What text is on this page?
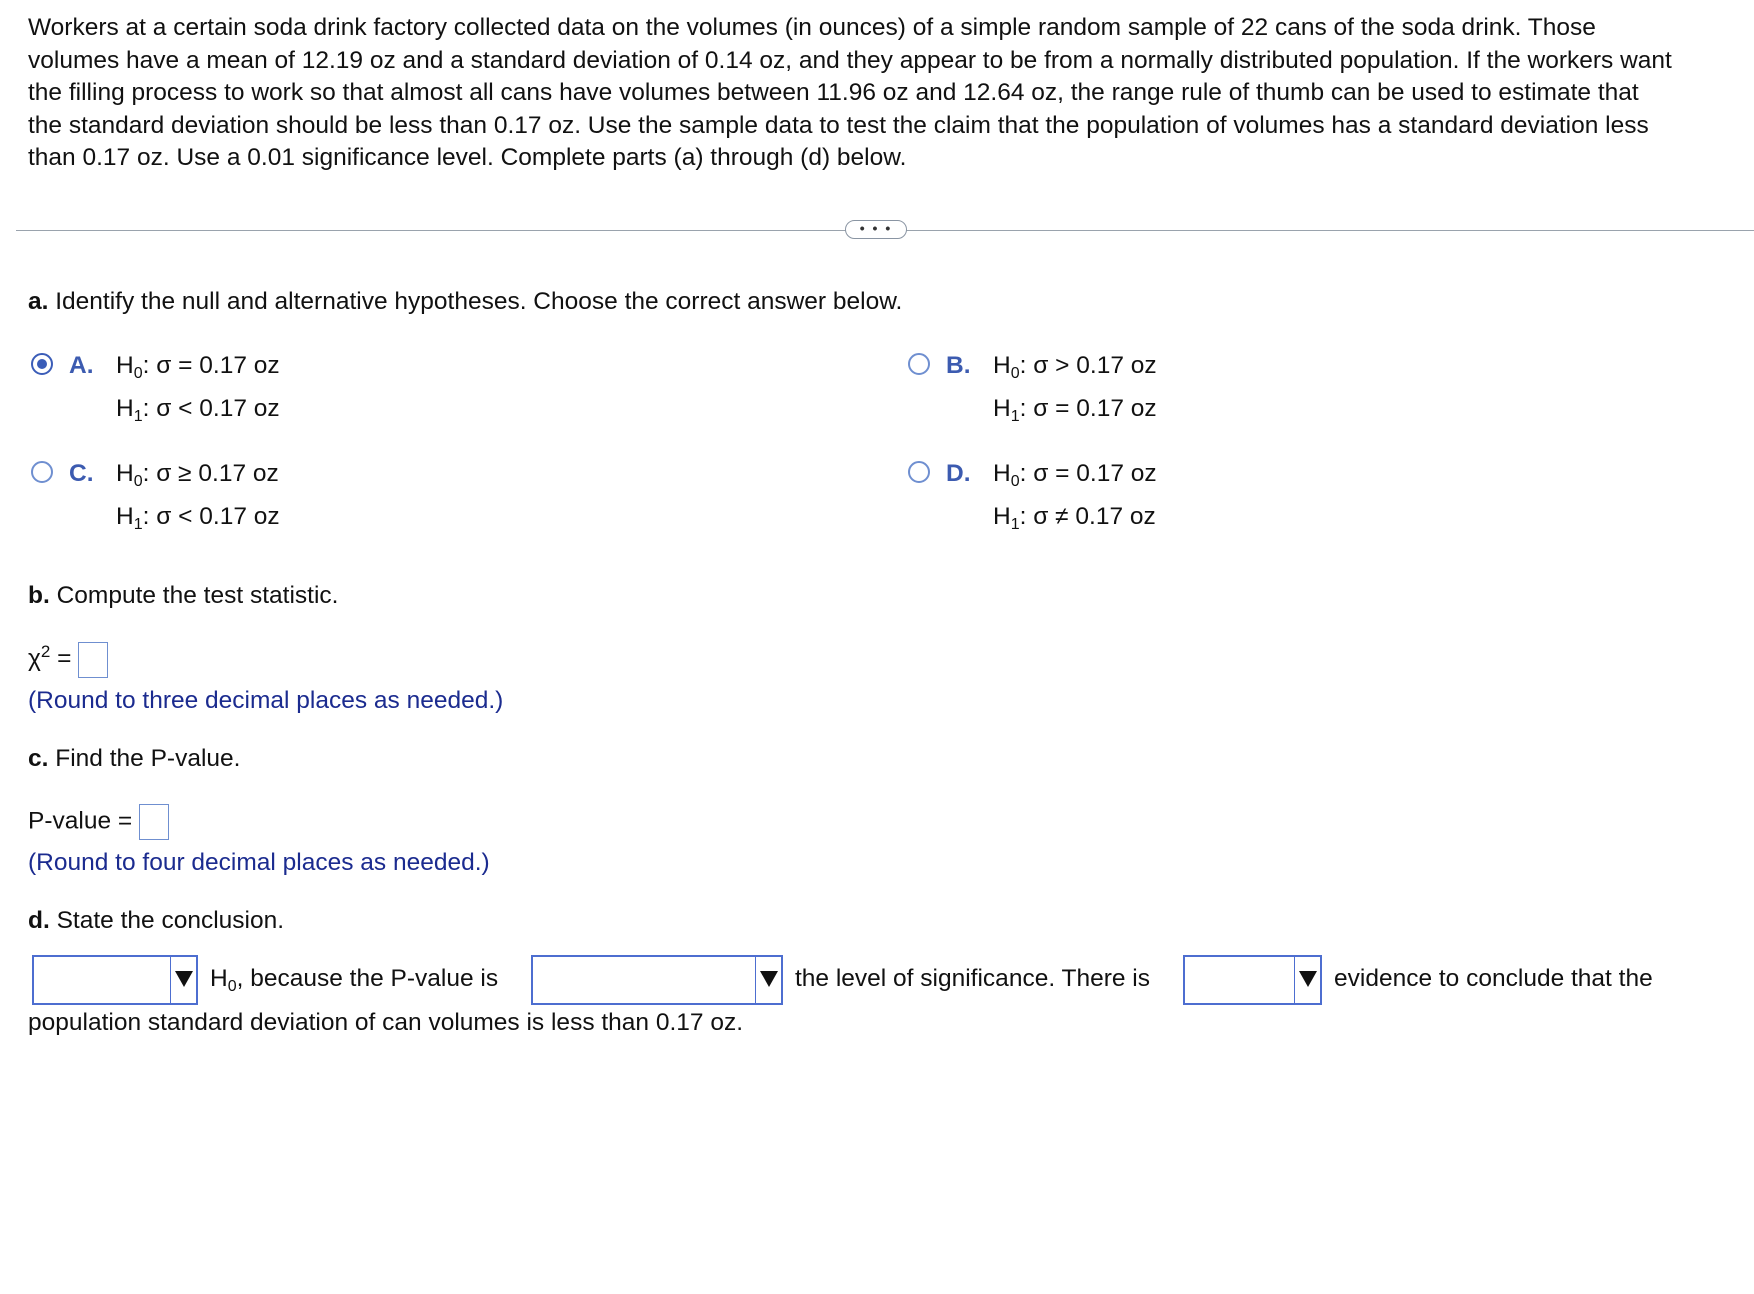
Workers at a certain soda drink factory collected data on the volumes (in ounces) of a simple random sample of 22 cans of the soda drink. Those
volumes have a mean of 12.19 oz and a standard deviation of 0.14 oz, and they appear to be from a normally distributed population. If the workers want
the filling process to work so that almost all cans have volumes between 11.96 oz and 12.64 oz, the range rule of thumb can be used to estimate that
the standard deviation should be less than 0.17 oz. Use the sample data to test the claim that the population of volumes has a standard deviation less
than 0.17 oz. Use a 0.01 significance level. Complete parts (a) through (d) below.
• • •
a. Identify the null and alternative hypotheses. Choose the correct answer below.
A. $H_0$: σ = 0.17 oz
$H_1$: σ < 0.17 oz
B. $H_0$: σ > 0.17 oz
$H_1$: σ = 0.17 oz
C. $H_0$: σ ≥ 0.17 oz
$H_1$: σ < 0.17 oz
D. $H_0$: σ = 0.17 oz
$H_1$: σ ≠ 0.17 oz
b. Compute the test statistic.
$\chi^2$ =
(Round to three decimal places as needed.)
c. Find the P-value.
P-value =
(Round to four decimal places as needed.)
d. State the conclusion.
$H_0$, because the P-value is	the level of significance. There is	evidence to conclude that the
population standard deviation of can volumes is less than 0.17 oz.
